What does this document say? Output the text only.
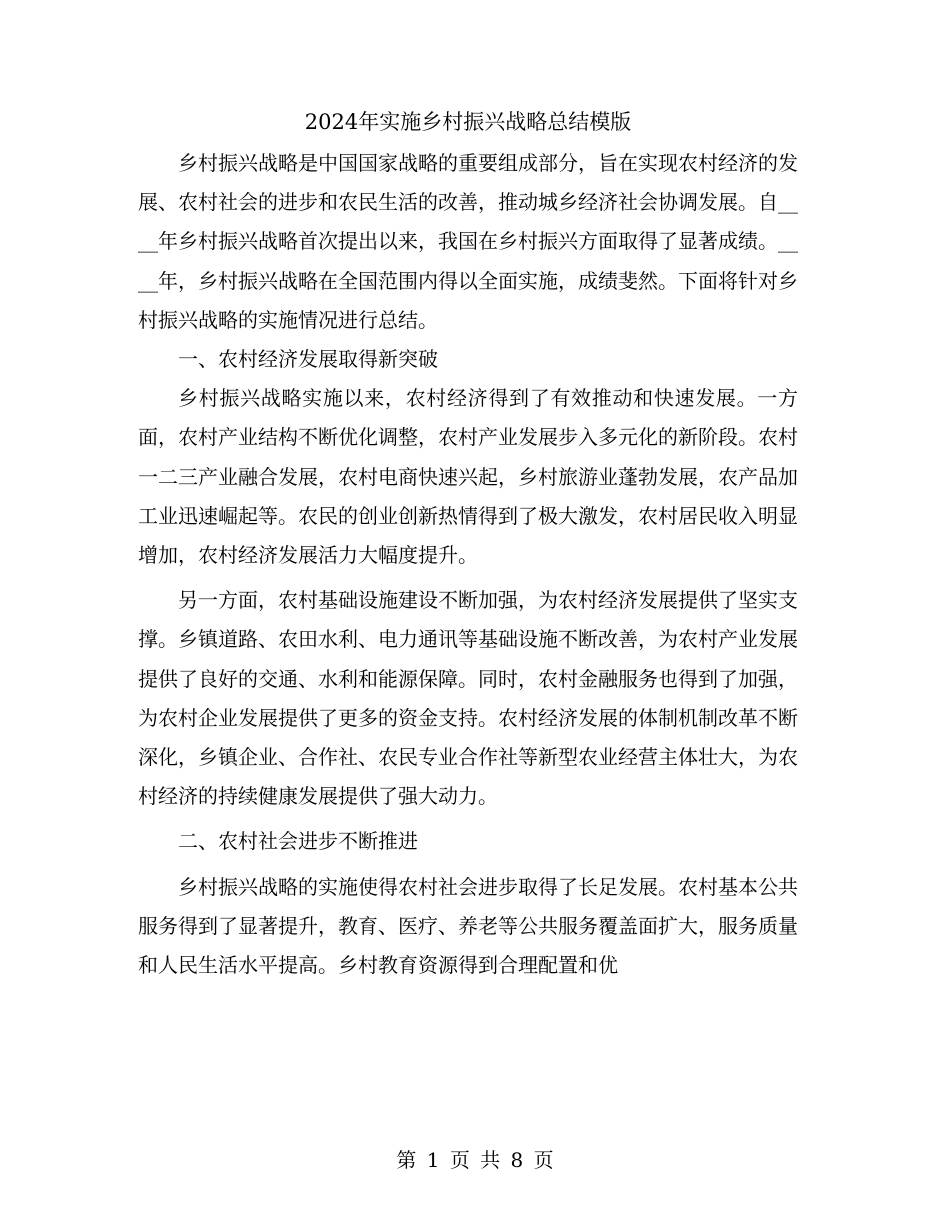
2024年实施乡村振兴战略总结模版

乡村振兴战略是中国国家战略的重要组成部分，旨在实现农村经济的发展、农村社会的进步和农民生活的改善，推动城乡经济社会协调发展。自____年乡村振兴战略首次提出以来，我国在乡村振兴方面取得了显著成绩。____年，乡村振兴战略在全国范围内得以全面实施，成绩斐然。下面将针对乡村振兴战略的实施情况进行总结。

一、农村经济发展取得新突破

乡村振兴战略实施以来，农村经济得到了有效推动和快速发展。一方面，农村产业结构不断优化调整，农村产业发展步入多元化的新阶段。农村一二三产业融合发展，农村电商快速兴起，乡村旅游业蓬勃发展，农产品加工业迅速崛起等。农民的创业创新热情得到了极大激发，农村居民收入明显增加，农村经济发展活力大幅度提升。

另一方面，农村基础设施建设不断加强，为农村经济发展提供了坚实支撑。乡镇道路、农田水利、电力通讯等基础设施不断改善，为农村产业发展提供了良好的交通、水利和能源保障。同时，农村金融服务也得到了加强，为农村企业发展提供了更多的资金支持。农村经济发展的体制机制改革不断深化，乡镇企业、合作社、农民专业合作社等新型农业经营主体壮大，为农村经济的持续健康发展提供了强大动力。

二、农村社会进步不断推进

乡村振兴战略的实施使得农村社会进步取得了长足发展。农村基本公共服务得到了显著提升，教育、医疗、养老等公共服务覆盖面扩大，服务质量和人民生活水平提高。乡村教育资源得到合理配置和优

第 1 页 共 8 页
